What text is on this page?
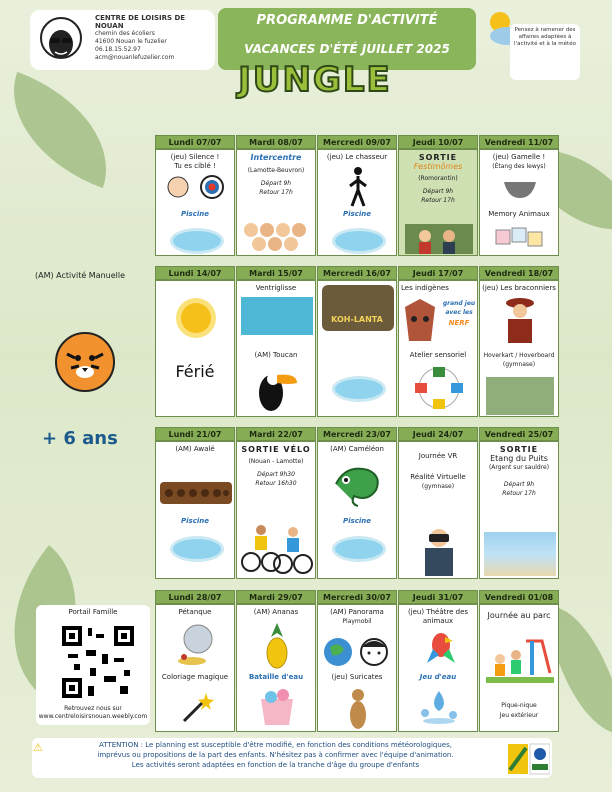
CENTRE DE LOISIRS DE NOUAN
chemin des écoliers
41600 Nouan le fuzelier
06.18.15.52.97
acm@nouanlefuzelier.com
PROGRAMME D'ACTIVITÉ
VACANCES D'ÉTÉ JUILLET 2025
JUNGLE
Pensez à ramener des affaires adaptées à l'activité et à la météo
(AM) Activité Manuelle
+ 6 ans
Portail Famille
Retrouvez nous sur
www.centreloisirsnouan.weebly.com
Lundi 07/07	Mardi 08/07	Mercredi 09/07	Jeudi 10/07	Vendredi 11/07
(jeu) Silence !
Tu es ciblé !
Piscine
Intercentre
(Lamotte-Beuvron)
Départ 9h
Retour 17h
(jeu) Le chasseur
Piscine
SORTIE
Festimômes
(Romorantin)
Départ 9h
Retour 17h
(jeu) Gamelle !
(Étang des lewys)
Memory Animaux
Lundi 14/07	Mardi 15/07	Mercredi 16/07	Jeudi 17/07	Vendredi 18/07
Férié
Ventriglisse
(AM) Toucan
KOH-LANTA
Les indigènes
grand jeu avec les
NERF
Atelier sensoriel
(jeu) Les braconniers
Hoverkart / Hoverboard (gymnase)
Lundi 21/07	Mardi 22/07	Mercredi 23/07	Jeudi 24/07	Vendredi 25/07
(AM) Awalé
Piscine
SORTIE VÉLO
(Nouan - Lamotte)
Départ 9h30
Retour 16h30
(AM) Caméléon
Piscine
Journée VR
Réalité Virtuelle
(gymnase)
SORTIE
Etang du Puits
(Argent sur sauldre)
Départ 9h
Retour 17h
Lundi 28/07	Mardi 29/07	Mercredi 30/07	Jeudi 31/07	Vendredi 01/08
Pétanque
Coloriage magique
(AM) Ananas
Bataille d'eau
(AM) Panorama
Playmobil
(jeu) Suricates
(jeu) Théâtre des
animaux
Jeu d'eau
Journée au parc
Pique-nique
Jeu extérieur
⚠	ATTENTION : Le planning est susceptible d'être modifié, en fonction des conditions météorologiques,
imprévus ou propositions de la part des enfants. N'hésitez pas à confirmer avec l'équipe d'animation.
Les activités seront adaptées en fonction de la tranche d'âge du groupe d'enfants
